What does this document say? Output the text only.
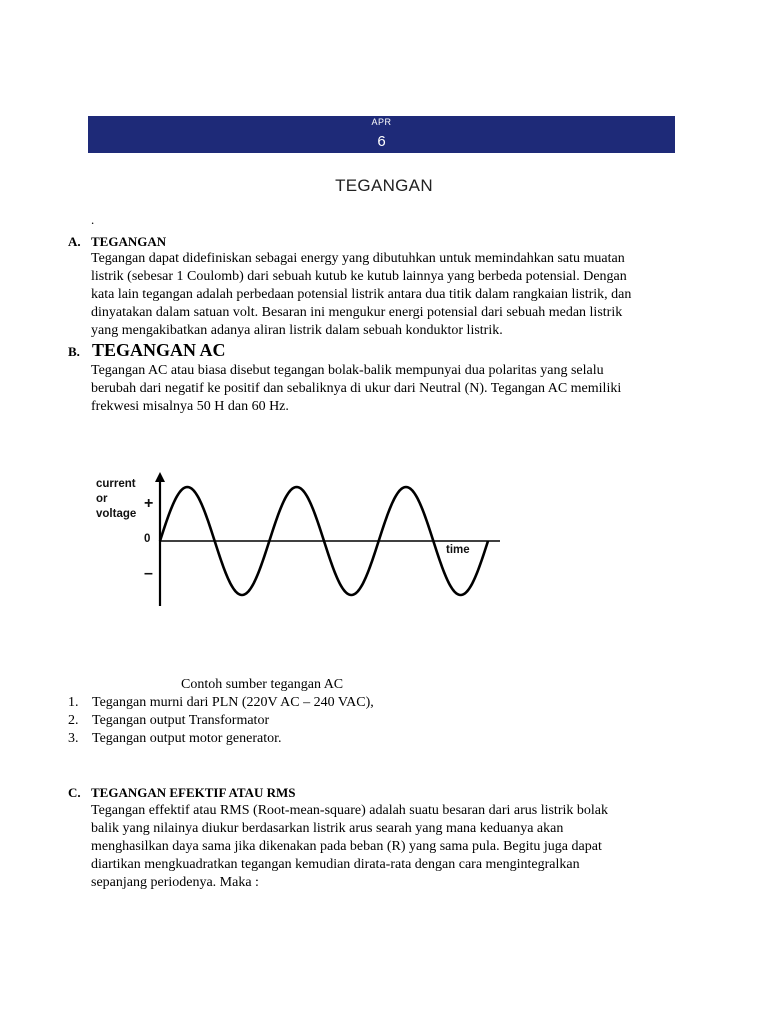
APR
6
TEGANGAN
.
A. TEGANGAN
Tegangan dapat didefiniskan sebagai energy yang dibutuhkan untuk memindahkan satu muatan
listrik (sebesar 1 Coulomb) dari sebuah kutub ke kutub lainnya yang berbeda potensial. Dengan
kata lain tegangan adalah perbedaan potensial listrik antara dua titik dalam rangkaian listrik, dan
dinyatakan dalam satuan volt. Besaran ini mengukur energi potensial dari sebuah medan listrik
yang mengakibatkan adanya aliran listrik dalam sebuah konduktor listrik.
B. TEGANGAN AC
Tegangan AC atau biasa disebut tegangan bolak-balik mempunyai dua polaritas yang selalu
berubah dari negatif ke positif dan sebaliknya di ukur dari Neutral (N). Tegangan AC memiliki
frekwesi misalnya 50 H dan 60 Hz.
current
or
voltage
+
0
–
time
Contoh sumber tegangan AC
1. Tegangan murni dari PLN (220V AC – 240 VAC),
2. Tegangan output Transformator
3. Tegangan output motor generator.
C. TEGANGAN EFEKTIF ATAU RMS
Tegangan effektif atau RMS (Root-mean-square) adalah suatu besaran dari arus listrik bolak
balik yang nilainya diukur berdasarkan listrik arus searah yang mana keduanya akan
menghasilkan daya sama jika dikenakan pada beban (R) yang sama pula. Begitu juga dapat
diartikan mengkuadratkan tegangan kemudian dirata-rata dengan cara mengintegralkan
sepanjang periodenya. Maka :
